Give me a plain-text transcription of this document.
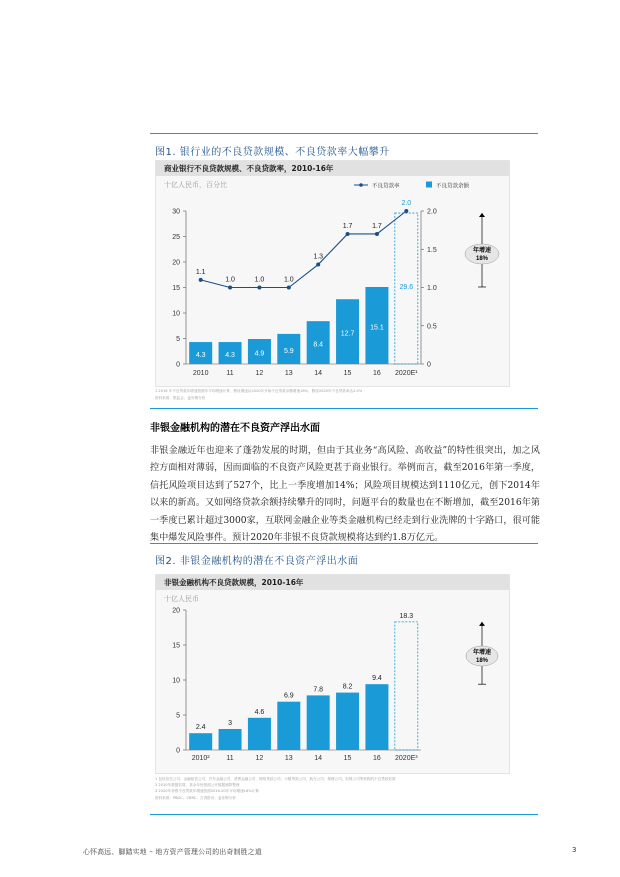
图1. 银行业的不良贷款规模、不良贷款率大幅攀升
商业银行不良贷款规模、不良贷款率，2010-16年
十亿人民币，百分比	不良贷款率	不良贷款余额
0
5
10
15
20
25
30
0
0.5
1.0
1.5
2.0
2010	11	12	13	14	15	16 2020E¹
4.3	4.3	4.9	5.9
8.4
12.7
15.1
29.6
1.1
1.0	1.0	1.0
1.3
1.7	1.7
2.0
年增速
18%
1 2016 年不良贷款年增速按照年平均增速计算，假设增速从2020年开始不良贷款余额增速18%，假设2020年不良贷款率达2.0%
资料来源：银监会；麦肯锡分析
非银金融机构的潜在不良资产浮出水面
非银金融近年也迎来了蓬勃发展的时期，但由于其业务“高风险、高收益”的特性很突出，加之风控方面相对薄弱，因而面临的不良资产风险更甚于商业银行。举例而言，截至2016年第一季度，信托风险项目达到了527个，比上一季度增加14%；风险项目规模达到1110亿元，创下2014年以来的新高。又如网络贷款余额持续攀升的同时，问题平台的数量也在不断增加，截至2016年第一季度已累计超过3000家，互联网金融企业等类金融机构已经走到行业洗牌的十字路口，很可能集中爆发风险事件。预计2020年非银不良贷款规模将达到约1.8万亿元。
图2. 非银金融机构的潜在不良资产浮出水面
非银金融机构不良贷款规模，2010-16年
十亿人民币
0
5
10
15
20
2010² 11	12	13	14	15	16 2020E³
2.4
3
4.6
6.9
7.8	8.2
9.4
18.3
年增速
18%
1 包括信托公司、金融租赁公司、汽车金融公司、消费金融公司、网络贷款公司、小额贷款公司、典当公司、保理公司、担保公司等机构的不良贷款估算
2 2010年数据估算，其余年份按照公开数据测算整理
3 2020年非银不良贷款年增速按照2016-20年平均增速18%计算
资料来源：PBOC；CBRC；万得资讯；麦肯锡分析
心怀高远、脚踏实地 – 地方资产管理公司的出奇制胜之道	3
